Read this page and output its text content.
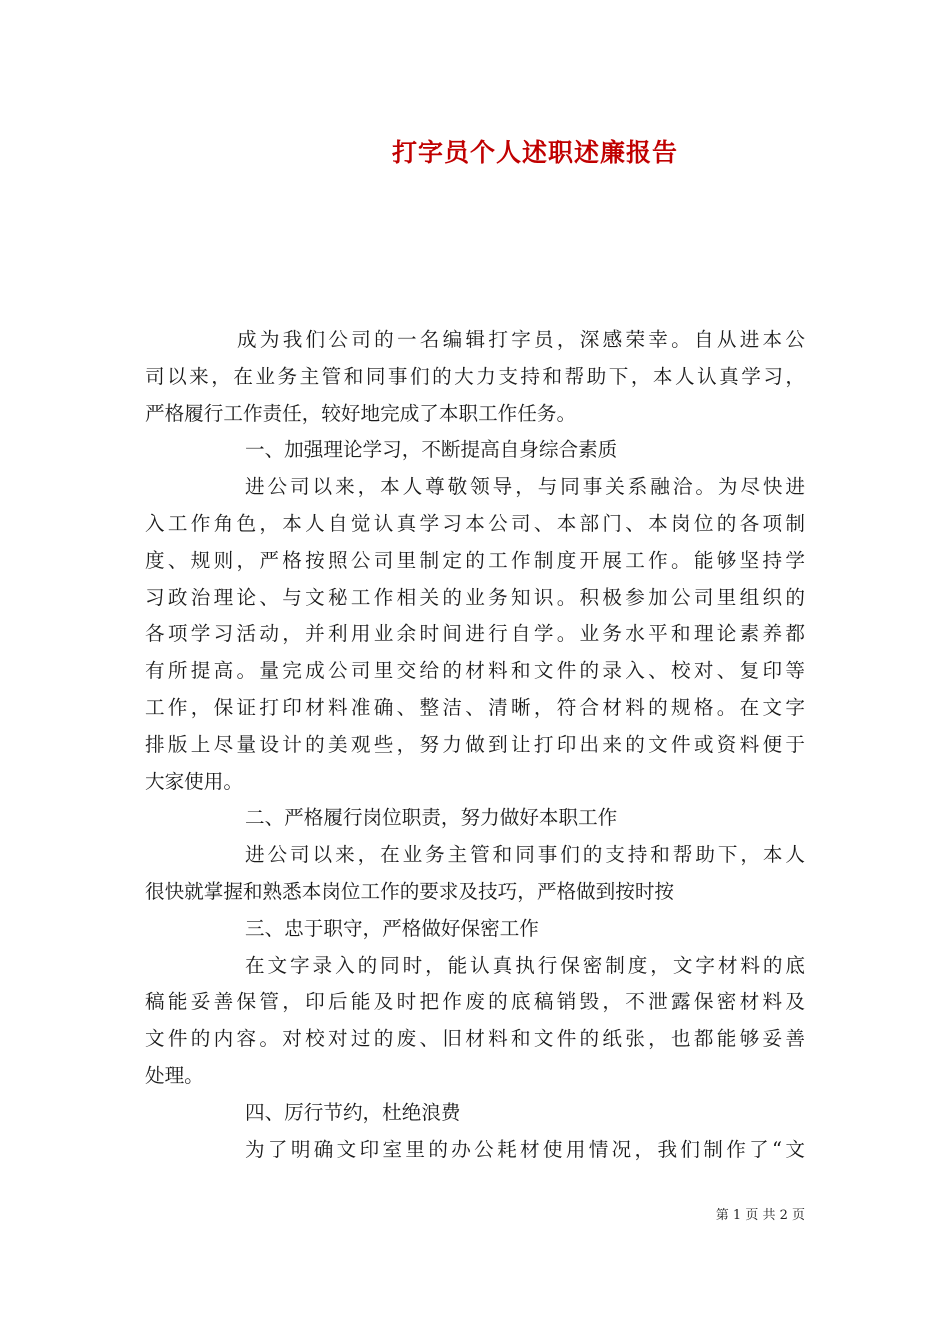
打字员个人述职述廉报告
成为我们公司的一名编辑打字员，深感荣幸。自从进本公
司以来，在业务主管和同事们的大力支持和帮助下，本人认真学习，
严格履行工作责任，较好地完成了本职工作任务。
一、加强理论学习，不断提高自身综合素质
进公司以来，本人尊敬领导，与同事关系融洽。为尽快进
入工作角色，本人自觉认真学习本公司、本部门、本岗位的各项制
度、规则，严格按照公司里制定的工作制度开展工作。能够坚持学
习政治理论、与文秘工作相关的业务知识。积极参加公司里组织的
各项学习活动，并利用业余时间进行自学。业务水平和理论素养都
有所提高。量完成公司里交给的材料和文件的录入、校对、复印等
工作，保证打印材料准确、整洁、清晰，符合材料的规格。在文字
排版上尽量设计的美观些，努力做到让打印出来的文件或资料便于
大家使用。
二、严格履行岗位职责，努力做好本职工作
进公司以来，在业务主管和同事们的支持和帮助下，本人
很快就掌握和熟悉本岗位工作的要求及技巧，严格做到按时按
三、忠于职守，严格做好保密工作
在文字录入的同时，能认真执行保密制度，文字材料的底
稿能妥善保管，印后能及时把作废的底稿销毁，不泄露保密材料及
文件的内容。对校对过的废、旧材料和文件的纸张，也都能够妥善
处理。
四、厉行节约，杜绝浪费
为了明确文印室里的办公耗材使用情况，我们制作了“文
第 1 页 共 2 页
